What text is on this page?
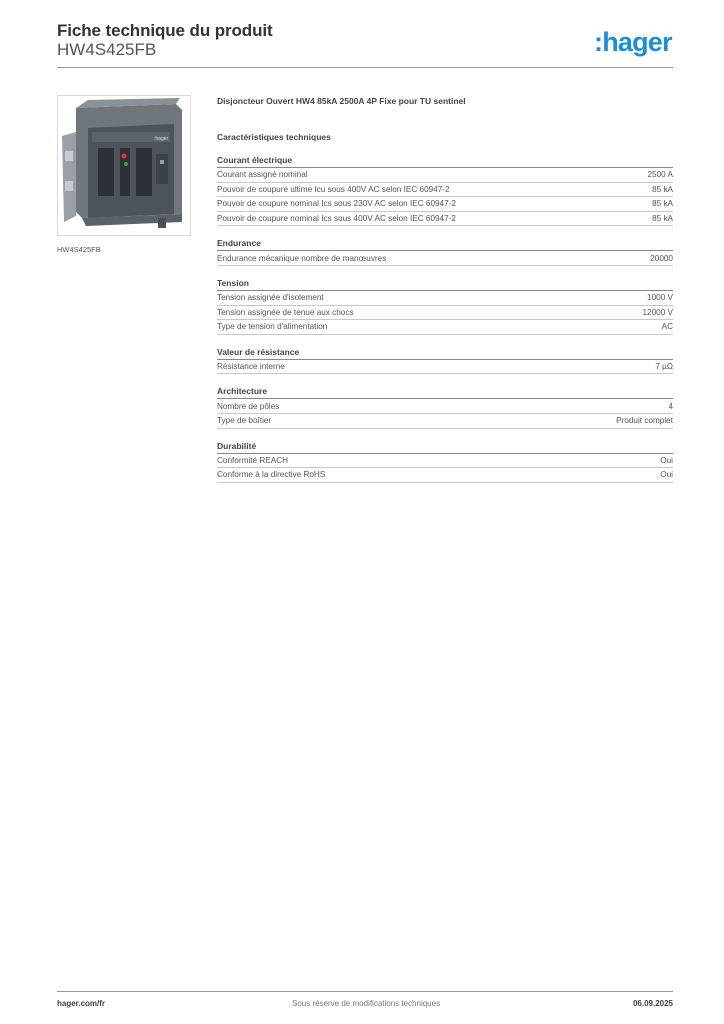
Fiche technique du produit
HW4S425FB	:hager
:hager
HW4S425FB
Disjoncteur Ouvert HW4 85kA 2500A 4P Fixe pour TU sentinel
Caractéristiques techniques
Courant électrique
Courant assigné nominal	2500 A
Pouvoir de coupure ultime Icu sous 400V AC selon IEC 60947-2	85 kA
Pouvoir de coupure nominal Ics sous 230V AC selon IEC 60947-2	85 kA
Pouvoir de coupure nominal Ics sous 400V AC selon IEC 60947-2	85 kA
Endurance
Endurance mécanique nombre de manœuvres	20000
Tension
Tension assignée d'isolement	1000 V
Tension assignée de tenue aux chocs	12000 V
Type de tension d'alimentation	AC
Valeur de résistance
Résistance interne	7 µΩ
Architecture
Nombre de pôles	4
Type de boîtier	Produit complet
Durabilité
Conformité REACH	Oui
Conforme à la directive RoHS	Oui
hager.com/fr	Sous réserve de modifications techniques	06.09.2025
